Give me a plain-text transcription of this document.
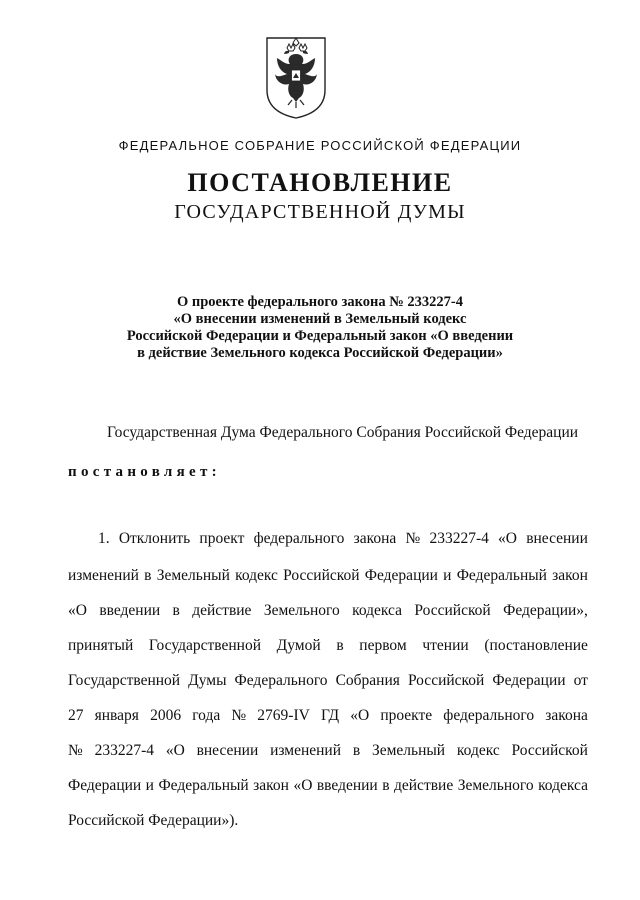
ФЕДЕРАЛЬНОЕ СОБРАНИЕ РОССИЙСКОЙ ФЕДЕРАЦИИ
ПОСТАНОВЛЕНИЕ
ГОСУДАРСТВЕННОЙ ДУМЫ
О проекте федерального закона № 233227-4
«О внесении изменений в Земельный кодекс
Российской Федерации и Федеральный закон «О введении
в действие Земельного кодекса Российской Федерации»
Государственная Дума Федерального Собрания Российской Федерации
постановляет:
1. Отклонить проект федерального закона № 233227-4 «О внесении
изменений в Земельный кодекс Российской Федерации и Федеральный закон
«О введении в действие Земельного кодекса Российской Федерации»,
принятый Государственной Думой в первом чтении (постановление
Государственной Думы Федерального Собрания Российской Федерации от
27 января 2006 года № 2769-IV ГД «О проекте федерального закона
№ 233227-4 «О внесении изменений в Земельный кодекс Российской
Федерации и Федеральный закон «О введении в действие Земельного кодекса
Российской Федерации»).
